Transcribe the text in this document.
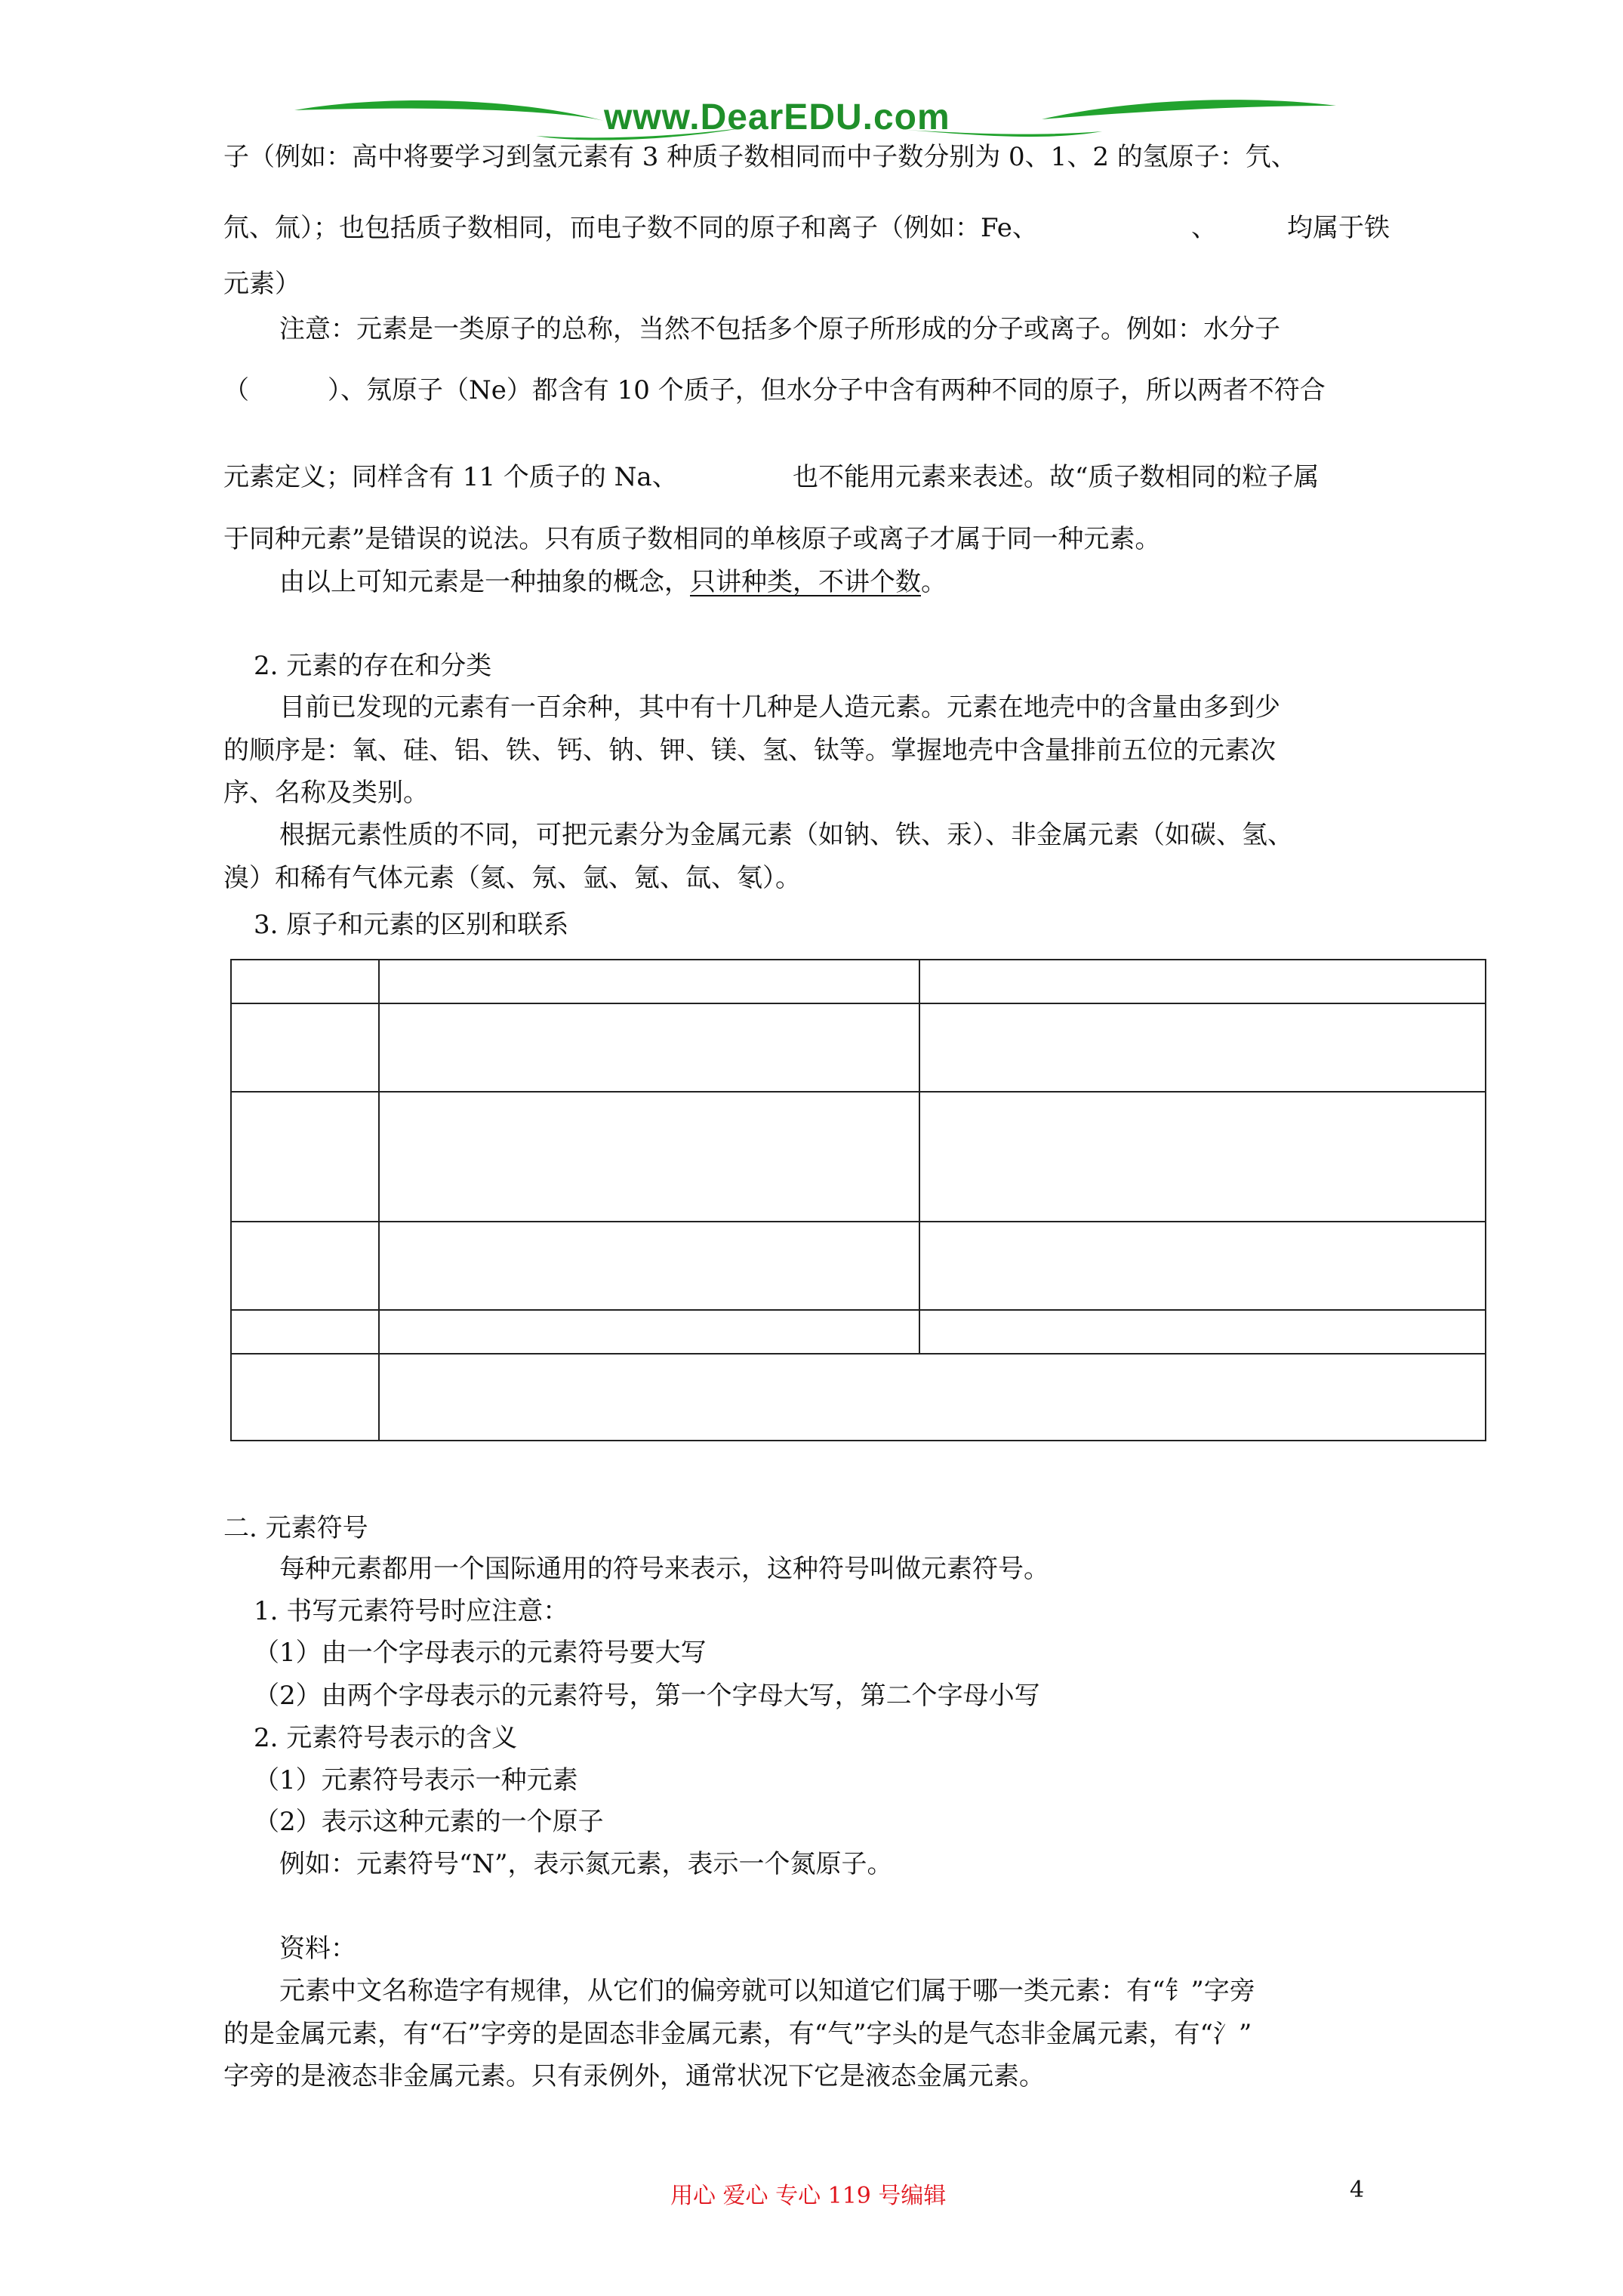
www.DearEDU.com
子（例如：高中将要学习到氢元素有 3 种质子数相同而中子数分别为 0、1、2 的氢原子：氕、
氘、氚）；也包括质子数相同，而电子数不同的原子和离子（例如：Fe、	、	均属于铁
元素）
注意：元素是一类原子的总称，当然不包括多个原子所形成的分子或离子。例如：水分子
（	）、氖原子（Ne）都含有 10 个质子，但水分子中含有两种不同的原子，所以两者不符合
元素定义；同样含有 11 个质子的 Na、	也不能用元素来表述。故“质子数相同的粒子属
于同种元素”是错误的说法。只有质子数相同的单核原子或离子才属于同一种元素。
由以上可知元素是一种抽象的概念，只讲种类，不讲个数。
2. 元素的存在和分类
目前已发现的元素有一百余种，其中有十几种是人造元素。元素在地壳中的含量由多到少
的顺序是：氧、硅、铝、铁、钙、钠、钾、镁、氢、钛等。掌握地壳中含量排前五位的元素次
序、名称及类别。
根据元素性质的不同，可把元素分为金属元素（如钠、铁、汞）、非金属元素（如碳、氢、
溴）和稀有气体元素（氦、氖、氩、氪、氙、氡）。
3. 原子和元素的区别和联系

二. 元素符号
每种元素都用一个国际通用的符号来表示，这种符号叫做元素符号。
1. 书写元素符号时应注意：
（1）由一个字母表示的元素符号要大写
（2）由两个字母表示的元素符号，第一个字母大写，第二个字母小写
2. 元素符号表示的含义
（1）元素符号表示一种元素
（2）表示这种元素的一个原子
例如：元素符号“N”，表示氮元素，表示一个氮原子。
资料：
元素中文名称造字有规律，从它们的偏旁就可以知道它们属于哪一类元素：有“钅”字旁
的是金属元素，有“石”字旁的是固态非金属元素，有“气”字头的是气态非金属元素，有“氵”
字旁的是液态非金属元素。只有汞例外，通常状况下它是液态金属元素。
用心 爱心 专心 119 号编辑	4
